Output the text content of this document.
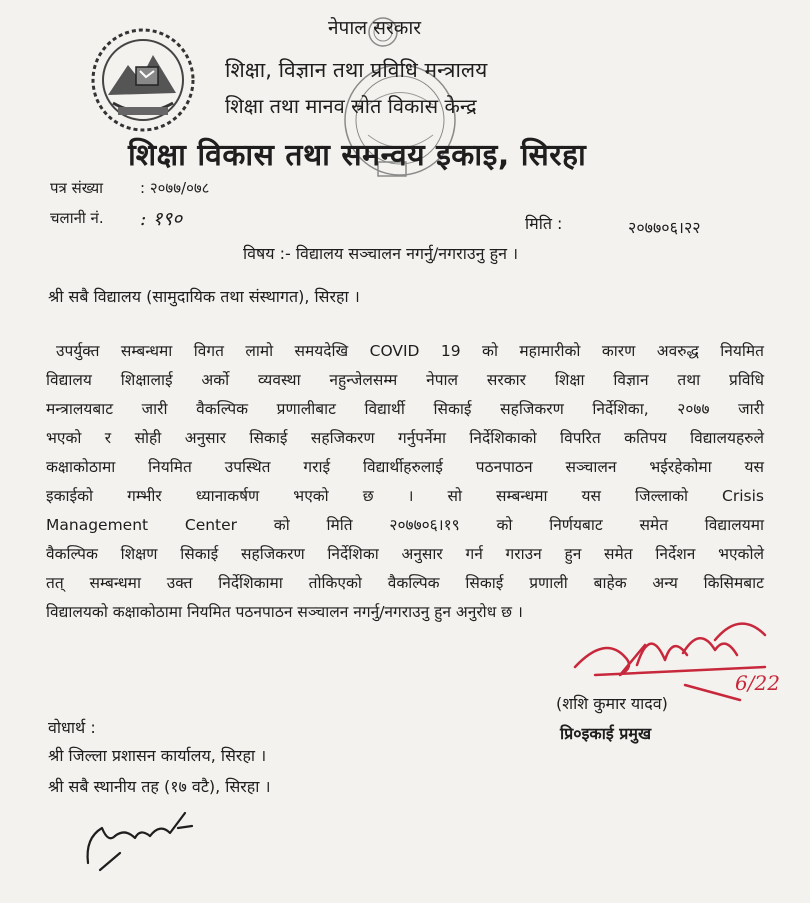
नेपाल सरकार
शिक्षा, विज्ञान तथा प्रविधि मन्त्रालय
शिक्षा तथा मानव स्रोत विकास केन्द्र
शिक्षा विकास तथा समन्वय इकाइ, सिरहा
पत्र संख्या : २०७७/०७८
चलानी नं. : १९०	मिति :	२०७७०६।२२
विषय :- विद्यालय सञ्चालन नगर्नु/नगराउनु हुन ।
श्री सबै विद्यालय (सामुदायिक तथा संस्थागत), सिरहा ।
उपर्युक्त सम्बन्धमा विगत लामो समयदेखि COVID 19 को महामारीको कारण अवरुद्ध नियमित
विद्यालय शिक्षालाई अर्को व्यवस्था नहुन्जेलसम्म नेपाल सरकार शिक्षा विज्ञान तथा प्रविधि
मन्त्रालयबाट जारी वैकल्पिक प्रणालीबाट विद्यार्थी सिकाई सहजिकरण निर्देशिका, २०७७ जारी
भएको र सोही अनुसार सिकाई सहजिकरण गर्नुपर्नेमा निर्देशिकाको विपरित कतिपय विद्यालयहरुले
कक्षाकोठामा नियमित उपस्थित गराई विद्यार्थीहरुलाई पठनपाठन सञ्चालन भईरहेकोमा यस
इकाईको गम्भीर ध्यानाकर्षण भएको छ । सो सम्बन्धमा यस जिल्लाको Crisis
Management Center को मिति २०७७०६।१९ को निर्णयबाट समेत विद्यालयमा
वैकल्पिक शिक्षण सिकाई सहजिकरण निर्देशिका अनुसार गर्न गराउन हुन समेत निर्देशन भएकोले
तत् सम्बन्धमा उक्त निर्देशिकामा तोकिएको वैकल्पिक सिकाई प्रणाली बाहेक अन्य किसिमबाट
विद्यालयको कक्षाकोठामा नियमित पठनपाठन सञ्चालन नगर्नु/नगराउनु हुन अनुरोध छ ।
6/22
(शशि कुमार यादव)
प्रि०इकाई प्रमुख
वोधार्थ :
श्री जिल्ला प्रशासन कार्यालय, सिरहा ।
श्री सबै स्थानीय तह (१७ वटै), सिरहा ।
